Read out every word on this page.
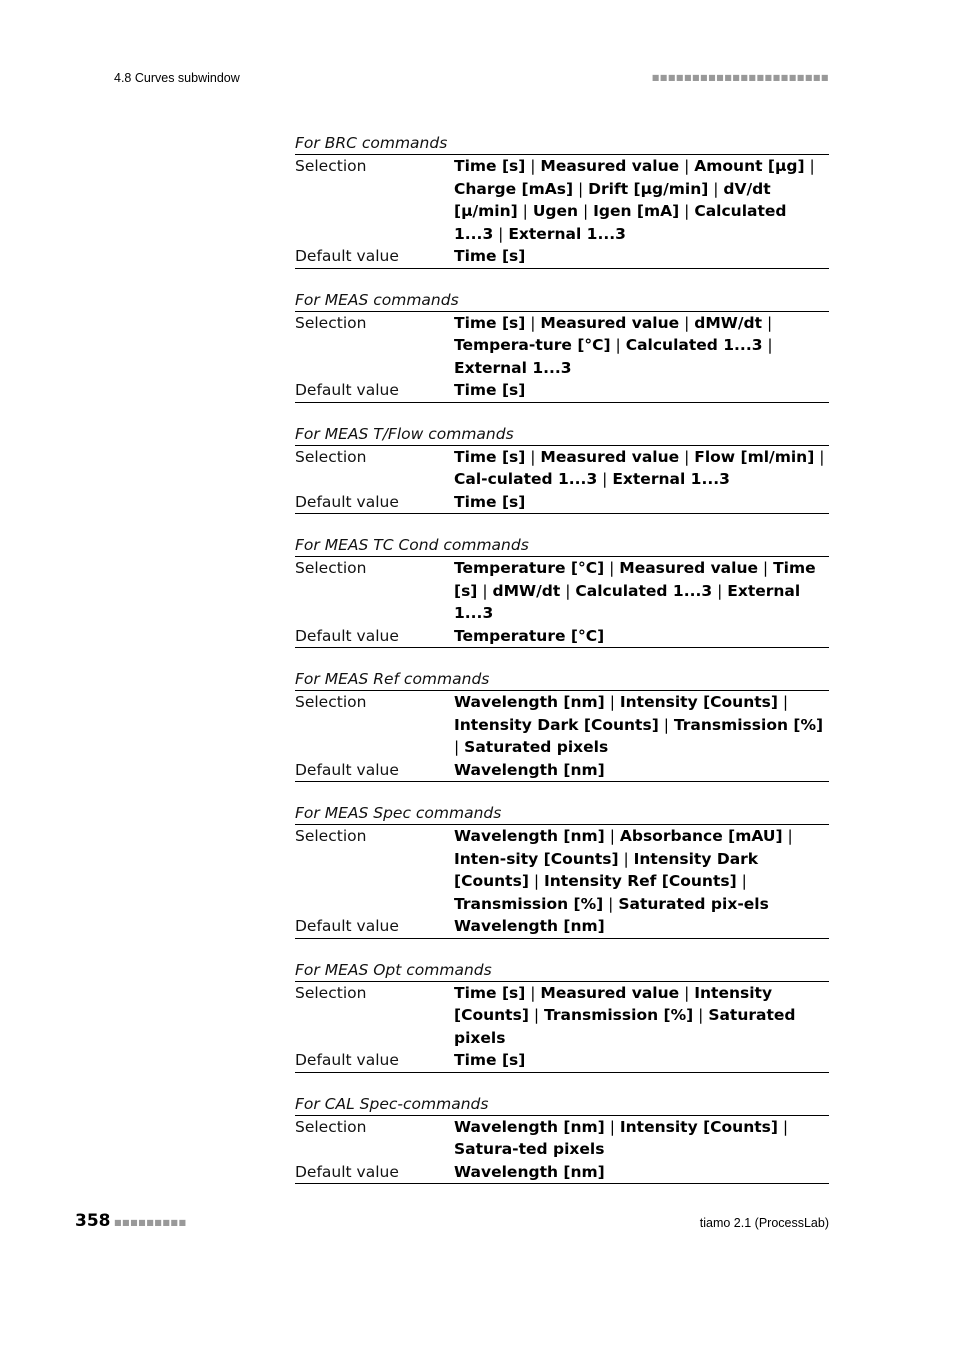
4.8 Curves subwindow	■■■■■■■■■■■■■■■■■■■■■■
For BRC commands
Selection	Time [s] | Measured value | Amount [µg] | Charge [mAs] | Drift [µg/min] | dV/dt [µ/min] | Ugen | Igen [mA] | Calculated 1...3 | External 1...3
Default value	Time [s]
For MEAS commands
Selection	Time [s] | Measured value | dMW/dt | Tempera-ture [°C] | Calculated 1...3 | External 1...3
Default value	Time [s]
For MEAS T/Flow commands
Selection	Time [s] | Measured value | Flow [ml/min] | Cal-culated 1...3 | External 1...3
Default value	Time [s]
For MEAS TC Cond commands
Selection	Temperature [°C] | Measured value | Time [s] | dMW/dt | Calculated 1...3 | External 1...3
Default value	Temperature [°C]
For MEAS Ref commands
Selection	Wavelength [nm] | Intensity [Counts] | Intensity Dark [Counts] | Transmission [%] | Saturated pixels
Default value	Wavelength [nm]
For MEAS Spec commands
Selection	Wavelength [nm] | Absorbance [mAU] | Inten-sity [Counts] | Intensity Dark [Counts] | Intensity Ref [Counts] | Transmission [%] | Saturated pix-els
Default value	Wavelength [nm]
For MEAS Opt commands
Selection	Time [s] | Measured value | Intensity [Counts] | Transmission [%] | Saturated pixels
Default value	Time [s]
For CAL Spec-commands
Selection	Wavelength [nm] | Intensity [Counts] | Satura-ted pixels
Default value	Wavelength [nm]
358 ■■■■■■■■■	tiamo 2.1 (ProcessLab)
